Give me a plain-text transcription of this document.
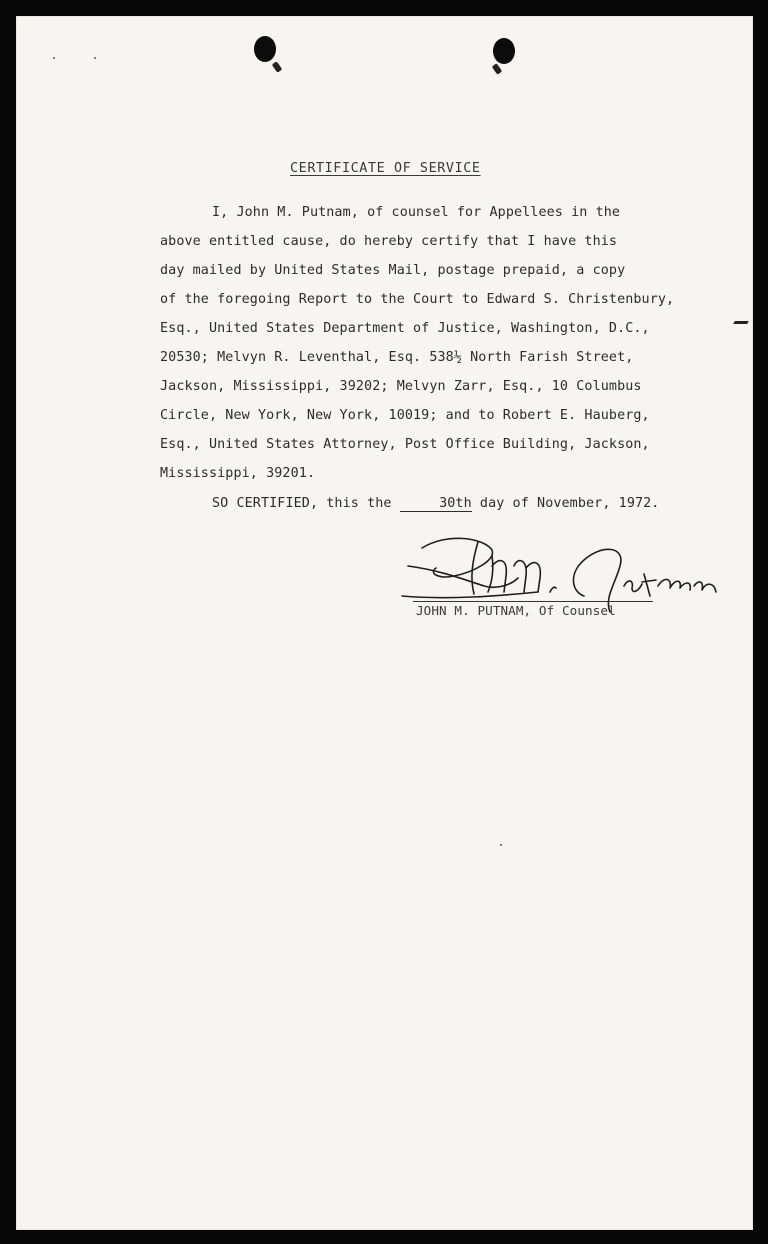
CERTIFICATE OF SERVICE
I, John M. Putnam, of counsel for Appellees in the
above entitled cause, do hereby certify that I have this
day mailed by United States Mail, postage prepaid, a copy
of the foregoing Report to the Court to Edward S. Christenbury,
Esq., United States Department of Justice, Washington, D.C.,
20530; Melvyn R. Leventhal, Esq. 538½ North Farish Street,
Jackson, Mississippi, 39202; Melvyn Zarr, Esq., 10 Columbus
Circle, New York, New York, 10019; and to Robert E. Hauberg,
Esq., United States Attorney, Post Office Building, Jackson,
Mississippi, 39201.
SO CERTIFIED, this the	30th day of November, 1972.
JOHN M. PUTNAM, Of Counsel
